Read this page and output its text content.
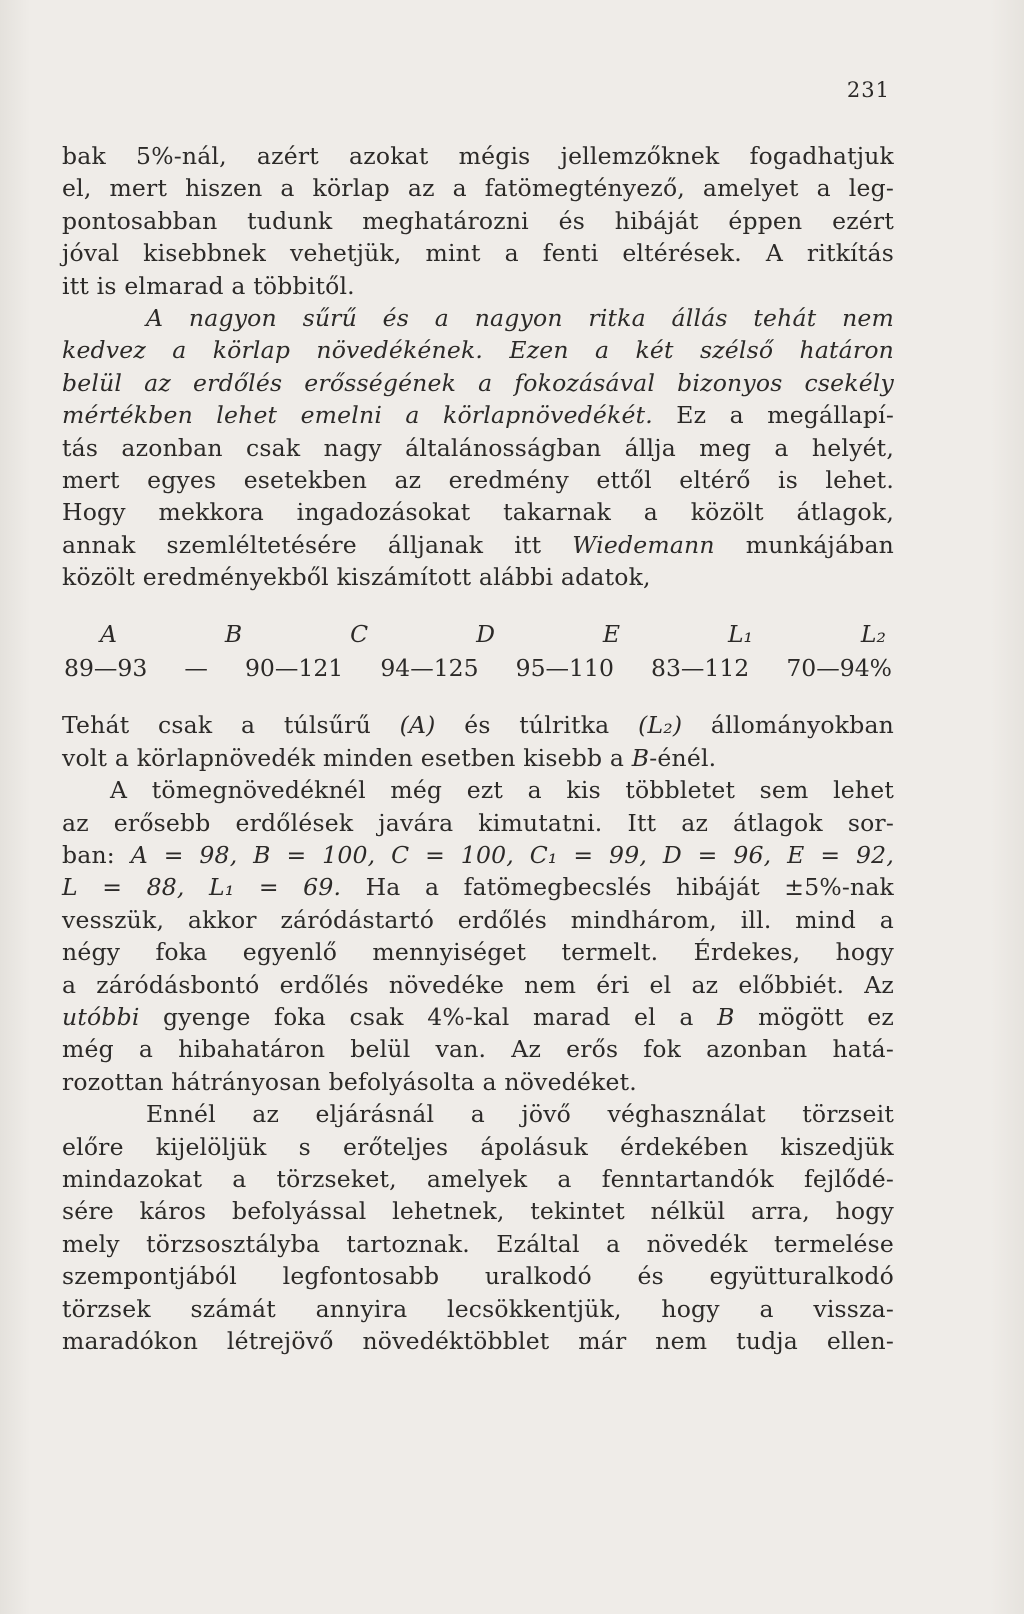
231
bak 5%-nál, azért azokat mégis jellemzőknek fogadhatjuk
el, mert hiszen a körlap az a fatömegtényező, amelyet a leg-
pontosabban tudunk meghatározni és hibáját éppen ezért
jóval kisebbnek vehetjük, mint a fenti eltérések. A ritkítás
itt is elmarad a többitől.
A nagyon sűrű és a nagyon ritka állás tehát nem
kedvez a körlap növedékének. Ezen a két szélső határon
belül az erdőlés erősségének a fokozásával bizonyos csekély
mértékben lehet emelni a körlapnövedékét. Ez a megállapí-
tás azonban csak nagy általánosságban állja meg a helyét,
mert egyes esetekben az eredmény ettől eltérő is lehet.
Hogy mekkora ingadozásokat takarnak a közölt átlagok,
annak szemléltetésére álljanak itt Wiedemann munkájában
közölt eredményekből kiszámított alábbi adatok,
A	B	C	D	E	L₁	L₂
89—93 — 90—121 94—125 95—110 83—112 70—94%
Tehát csak a túlsűrű (A) és túlritka (L₂) állományokban
volt a körlapnövedék minden esetben kisebb a B-énél.
A tömegnövedéknél még ezt a kis többletet sem lehet
az erősebb erdőlések javára kimutatni. Itt az átlagok sor-
ban: A = 98, B = 100, C = 100, C₁ = 99, D = 96, E = 92,
L = 88, L₁ = 69. Ha a fatömegbecslés hibáját ±5%-nak
vesszük, akkor záródástartó erdőlés mindhárom, ill. mind a
négy foka egyenlő mennyiséget termelt. Érdekes, hogy
a záródásbontó erdőlés növedéke nem éri el az előbbiét. Az
utóbbi gyenge foka csak 4%-kal marad el a B mögött ez
még a hibahatáron belül van. Az erős fok azonban hatá-
rozottan hátrányosan befolyásolta a növedéket.
Ennél az eljárásnál a jövő véghasználat törzseit
előre kijelöljük s erőteljes ápolásuk érdekében kiszedjük
mindazokat a törzseket, amelyek a fenntartandók fejlődé-
sére káros befolyással lehetnek, tekintet nélkül arra, hogy
mely törzsosztályba tartoznak. Ezáltal a növedék termelése
szempontjából legfontosabb uralkodó és együtturalkodó
törzsek számát annyira lecsökkentjük, hogy a vissza-
maradókon létrejövő növedéktöbblet már nem tudja ellen-
